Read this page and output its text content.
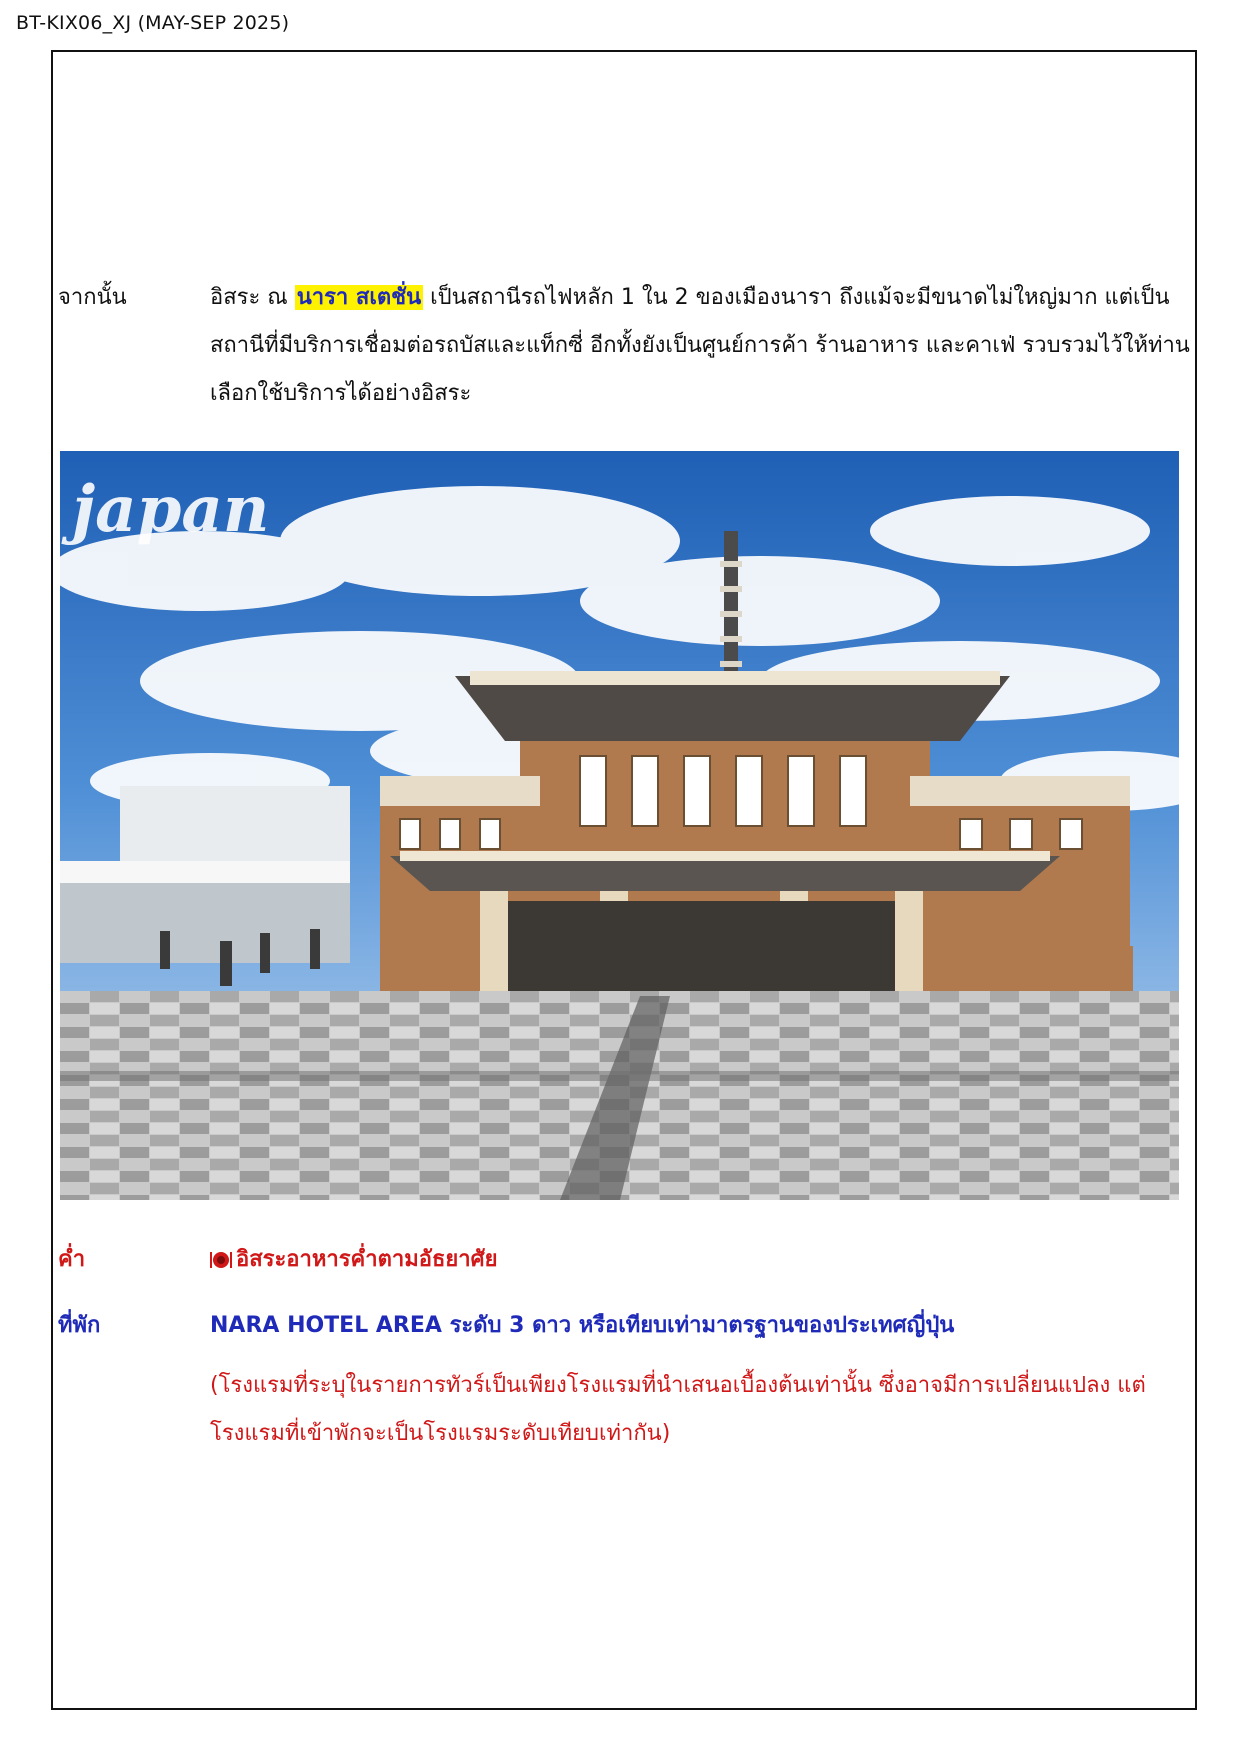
BT-KIX06_XJ (MAY-SEP 2025)
จากนั้น	อิสระ ณ นารา สเตชั่น เป็นสถานีรถไฟหลัก 1 ใน 2 ของเมืองนารา ถึงแม้จะมีขนาดไม่ใหญ่มาก แต่เป็นสถานีที่มีบริการเชื่อมต่อรถบัสและแท็กซี่ อีกทั้งยังเป็นศูนย์การค้า ร้านอาหาร และคาเฟ่ รวบรวมไว้ให้ท่านเลือกใช้บริการได้อย่างอิสระ
japan
ค่ำ	อิสระอาหารค่ำตามอัธยาศัย
ที่พัก	NARA HOTEL AREA ระดับ 3 ดาว หรือเทียบเท่ามาตรฐานของประเทศญี่ปุ่น
(โรงแรมที่ระบุในรายการทัวร์เป็นเพียงโรงแรมที่นำเสนอเบื้องต้นเท่านั้น ซึ่งอาจมีการเปลี่ยนแปลง แต่โรงแรมที่เข้าพักจะเป็นโรงแรมระดับเทียบเท่ากัน)
